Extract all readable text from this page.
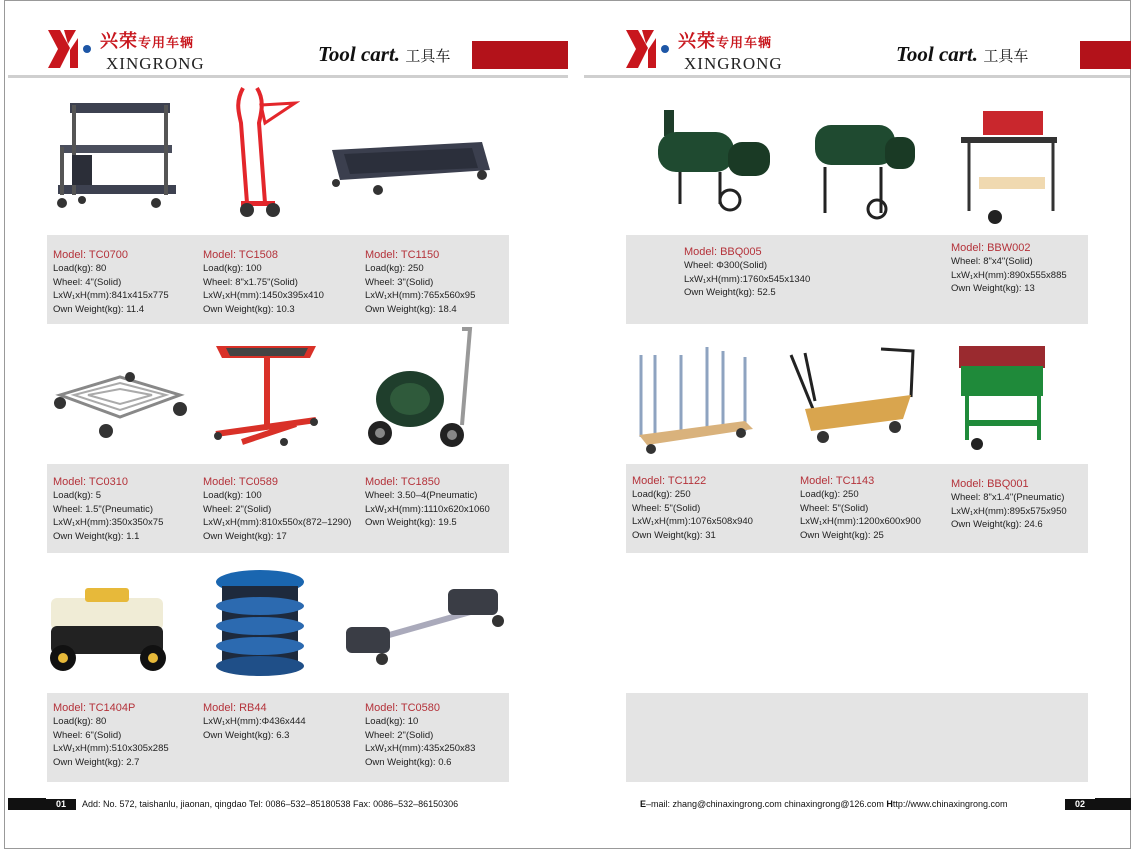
兴荣专用车辆
XINGRONG	Tool cart. 工具车
兴荣专用车辆
XINGRONG	Tool cart. 工具车
Model: TC0700
Load(kg): 80
Wheel: 4"(Solid)
LxW₁xH(mm):841x415x775
Own Weight(kg): 11.4
Model: TC1508
Load(kg): 100
Wheel: 8"x1.75"(Solid)
LxW₁xH(mm):1450x395x410
Own Weight(kg): 10.3
Model: TC1150
Load(kg): 250
Wheel: 3"(Solid)
LxW₁xH(mm):765x560x95
Own Weight(kg): 18.4
Model: TC0310
Load(kg): 5
Wheel: 1.5"(Pneumatic)
LxW₁xH(mm):350x350x75
Own Weight(kg): 1.1
Model: TC0589
Load(kg): 100
Wheel: 2"(Solid)
LxW₁xH(mm):810x550x(872–1290)
Own Weight(kg): 17
Model: TC1850
Wheel: 3.50–4(Pneumatic)
LxW₁xH(mm):1110x620x1060
Own Weight(kg): 19.5
Model: TC1404P
Load(kg): 80
Wheel: 6"(Solid)
LxW₁xH(mm):510x305x285
Own Weight(kg): 2.7
Model: RB44
LxW₁xH(mm):Φ436x444
Own Weight(kg): 6.3
Model: TC0580
Load(kg): 10
Wheel: 2"(Solid)
LxW₁xH(mm):435x250x83
Own Weight(kg): 0.6
Model: BBQ005
Wheel: Φ300(Solid)
LxW₁xH(mm):1760x545x1340
Own Weight(kg): 52.5
Model: BBW002
Wheel: 8"x4"(Solid)
LxW₁xH(mm):890x555x885
Own Weight(kg): 13
Model: TC1122
Load(kg): 250
Wheel: 5"(Solid)
LxW₁xH(mm):1076x508x940
Own Weight(kg): 31
Model: TC1143
Load(kg): 250
Wheel: 5"(Solid)
LxW₁xH(mm):1200x600x900
Own Weight(kg): 25
Model: BBQ001
Wheel: 8"x1.4"(Pneumatic)
LxW₁xH(mm):895x575x950
Own Weight(kg): 24.6
01	Add: No. 572, taishanlu, jiaonan, qingdao Tel: 0086–532–85180538 Fax: 0086–532–86150306	E–mail: zhang@chinaxingrong.com chinaxingrong@126.com Http://www.chinaxingrong.com	02
